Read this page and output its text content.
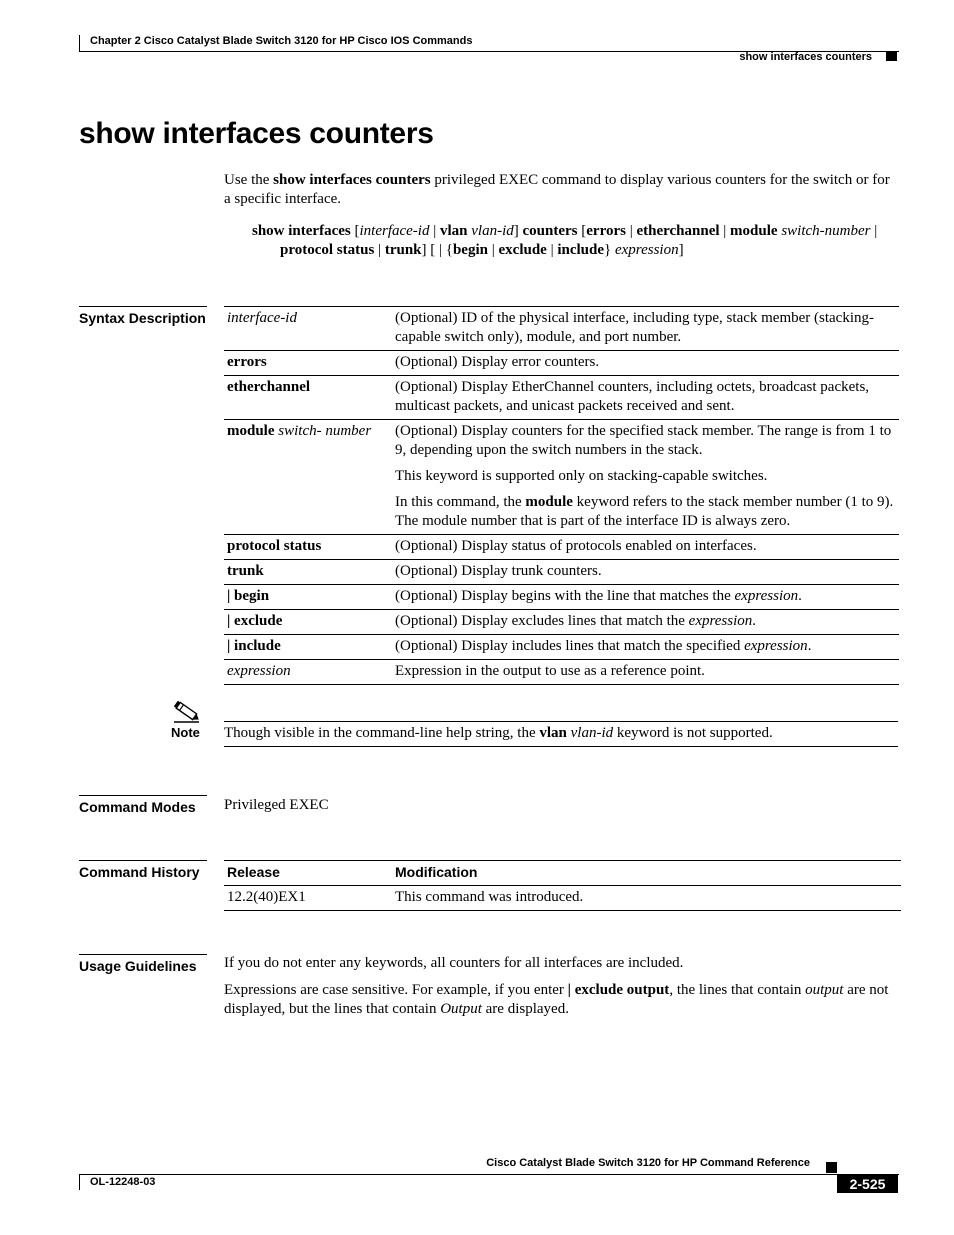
Chapter 2 Cisco Catalyst Blade Switch 3120 for HP Cisco IOS Commands
show interfaces counters
show interfaces counters
Use the show interfaces counters privileged EXEC command to display various counters for the switch or for a specific interface.
show interfaces [interface-id | vlan vlan-id] counters [errors | etherchannel | module switch-number | protocol status | trunk] [ | {begin | exclude | include} expression]
Syntax Description interface-id	(Optional) ID of the physical interface, including type, stack member (stacking-capable switch only), module, and port number.

errors	(Optional) Display error counters.

etherchannel	(Optional) Display EtherChannel counters, including octets, broadcast packets, multicast packets, and unicast packets received and sent.

module switch- number	(Optional) Display counters for the specified stack member. The range is from 1 to 9, depending upon the switch numbers in the stack.

This keyword is supported only on stacking-capable switches.

In this command, the module keyword refers to the stack member number (1 to 9). The module number that is part of the interface ID is always zero.

protocol status	(Optional) Display status of protocols enabled on interfaces.

trunk	(Optional) Display trunk counters.

| begin	(Optional) Display begins with the line that matches the expression.

| exclude	(Optional) Display excludes lines that match the expression.

| include	(Optional) Display includes lines that match the specified expression.

expression	Expression in the output to use as a reference point.

Note Though visible in the command-line help string, the vlan vlan-id keyword is not supported.
Command Modes	Privileged EXEC
Command History	Release	Modification
12.2(40)EX1	This command was introduced.
Usage Guidelines	If you do not enter any keywords, all counters for all interfaces are included.
Expressions are case sensitive. For example, if you enter | exclude output, the lines that contain output are not displayed, but the lines that contain Output are displayed.
Cisco Catalyst Blade Switch 3120 for HP Command Reference
OL-12248-03	2-525
